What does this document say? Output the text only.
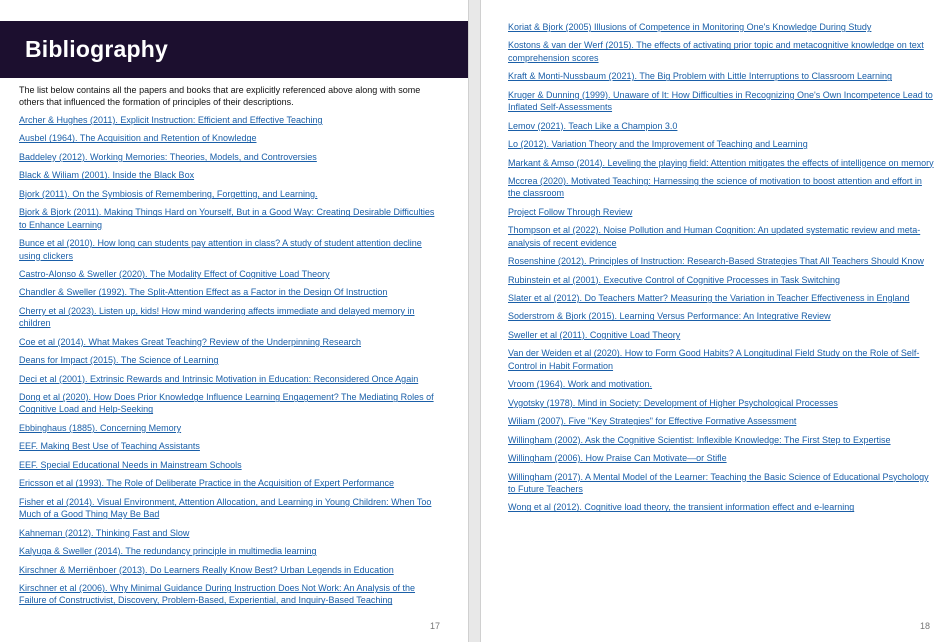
Bibliography

The list below contains all the papers and books that are explicitly referenced above along with some others that influenced the formation of principles of their descriptions.

Archer & Hughes (2011). Explicit Instruction: Efficient and Effective Teaching
Ausbel (1964). The Acquisition and Retention of Knowledge
Baddeley (2012). Working Memories: Theories, Models, and Controversies
Black & Wiliam (2001). Inside the Black Box
Bjork (2011). On the Symbiosis of Remembering, Forgetting, and Learning.
Bjork & Bjork (2011). Making Things Hard on Yourself, But in a Good Way: Creating Desirable Difficulties to Enhance Learning
Bunce et al (2010). How long can students pay attention in class? A study of student attention decline using clickers
Castro-Alonso & Sweller (2020). The Modality Effect of Cognitive Load Theory
Chandler & Sweller (1992). The Split-Attention Effect as a Factor in the Design Of Instruction
Cherry et al (2023). Listen up, kids! How mind wandering affects immediate and delayed memory in children
Coe et al (2014). What Makes Great Teaching? Review of the Underpinning Research
Deans for Impact (2015). The Science of Learning
Deci et al (2001). Extrinsic Rewards and Intrinsic Motivation in Education: Reconsidered Once Again
Dong et al (2020). How Does Prior Knowledge Influence Learning Engagement? The Mediating Roles of Cognitive Load and Help-Seeking
Ebbinghaus (1885). Concerning Memory
EEF. Making Best Use of Teaching Assistants
EEF. Special Educational Needs in Mainstream Schools
Ericsson et al (1993). The Role of Deliberate Practice in the Acquisition of Expert Performance
Fisher et al (2014). Visual Environment, Attention Allocation, and Learning in Young Children: When Too Much of a Good Thing May Be Bad
Kahneman (2012). Thinking Fast and Slow
Kalyuga & Sweller (2014). The redundancy principle in multimedia learning
Kirschner & Merriënboer (2013). Do Learners Really Know Best? Urban Legends in Education
Kirschner et al (2006). Why Minimal Guidance During Instruction Does Not Work: An Analysis of the Failure of Constructivist, Discovery, Problem-Based, Experiential, and Inquiry-Based Teaching
17
Koriat & Bjork (2005) Illusions of Competence in Monitoring One's Knowledge During Study
Kostons & van der Werf (2015). The effects of activating prior topic and metacognitive knowledge on text comprehension scores
Kraft & Monti-Nussbaum (2021). The Big Problem with Little Interruptions to Classroom Learning
Kruger & Dunning (1999). Unaware of It: How Difficulties in Recognizing One's Own Incompetence Lead to Inflated Self-Assessments
Lemov (2021). Teach Like a Champion 3.0
Lo (2012). Variation Theory and the Improvement of Teaching and Learning
Markant & Amso (2014). Leveling the playing field: Attention mitigates the effects of intelligence on memory
Mccrea (2020). Motivated Teaching: Harnessing the science of motivation to boost attention and effort in the classroom
Project Follow Through Review
Thompson et al (2022). Noise Pollution and Human Cognition: An updated systematic review and meta-analysis of recent evidence
Rosenshine (2012). Principles of Instruction: Research-Based Strategies That All Teachers Should Know
Rubinstein et al (2001). Executive Control of Cognitive Processes in Task Switching
Slater et al (2012). Do Teachers Matter? Measuring the Variation in Teacher Effectiveness in England
Soderstrom & Bjork (2015). Learning Versus Performance: An Integrative Review
Sweller et al (2011). Cognitive Load Theory
Van der Weiden et al (2020). How to Form Good Habits? A Longitudinal Field Study on the Role of Self-Control in Habit Formation
Vroom (1964). Work and motivation.
Vygotsky (1978). Mind in Society: Development of Higher Psychological Processes
Wiliam (2007). Five "Key Strategies" for Effective Formative Assessment
Willingham (2002). Ask the Cognitive Scientist: Inflexible Knowledge: The First Step to Expertise
Willingham (2006). How Praise Can Motivate—or Stifle
Willingham (2017). A Mental Model of the Learner: Teaching the Basic Science of Educational Psychology to Future Teachers
Wong et al (2012). Cognitive load theory, the transient information effect and e-learning
18
